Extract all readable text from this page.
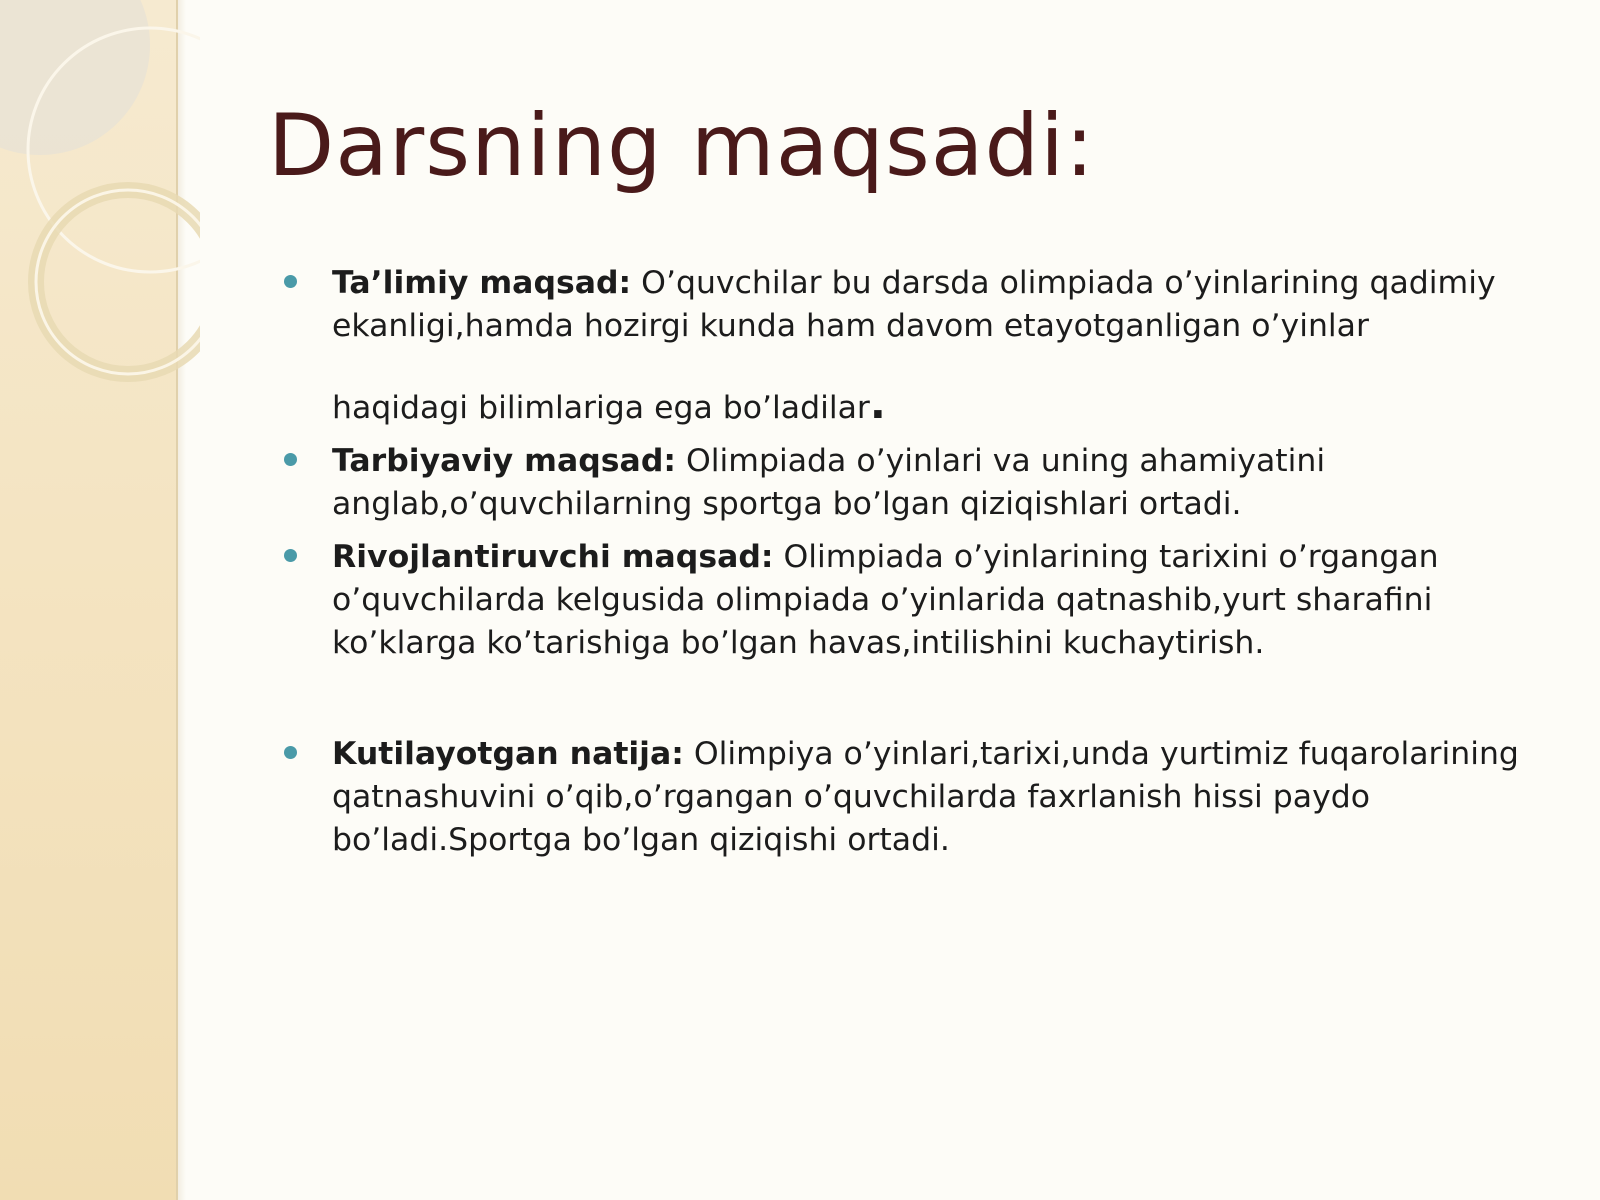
Darsning maqsadi:
Ta’limiy maqsad: O’quvchilar bu darsda olimpiada o’yinlarining qadimiy ekanligi,hamda hozirgi kunda ham davom etayotganligan o’yinlar
haqidagi bilimlariga ega bo’ladilar.
Tarbiyaviy maqsad: Olimpiada o’yinlari va uning ahamiyatini anglab,o’quvchilarning sportga bo’lgan qiziqishlari ortadi.
Rivojlantiruvchi maqsad: Olimpiada o’yinlarining tarixini o’rgangan o’quvchilarda kelgusida olimpiada o’yinlarida qatnashib,yurt sharafini ko’klarga ko’tarishiga bo’lgan havas,intilishini kuchaytirish.
Kutilayotgan natija: Olimpiya o’yinlari,tarixi,unda yurtimiz fuqarolarining qatnashuvini o’qib,o’rgangan o’quvchilarda faxrlanish hissi paydo bo’ladi.Sportga bo’lgan qiziqishi ortadi.
